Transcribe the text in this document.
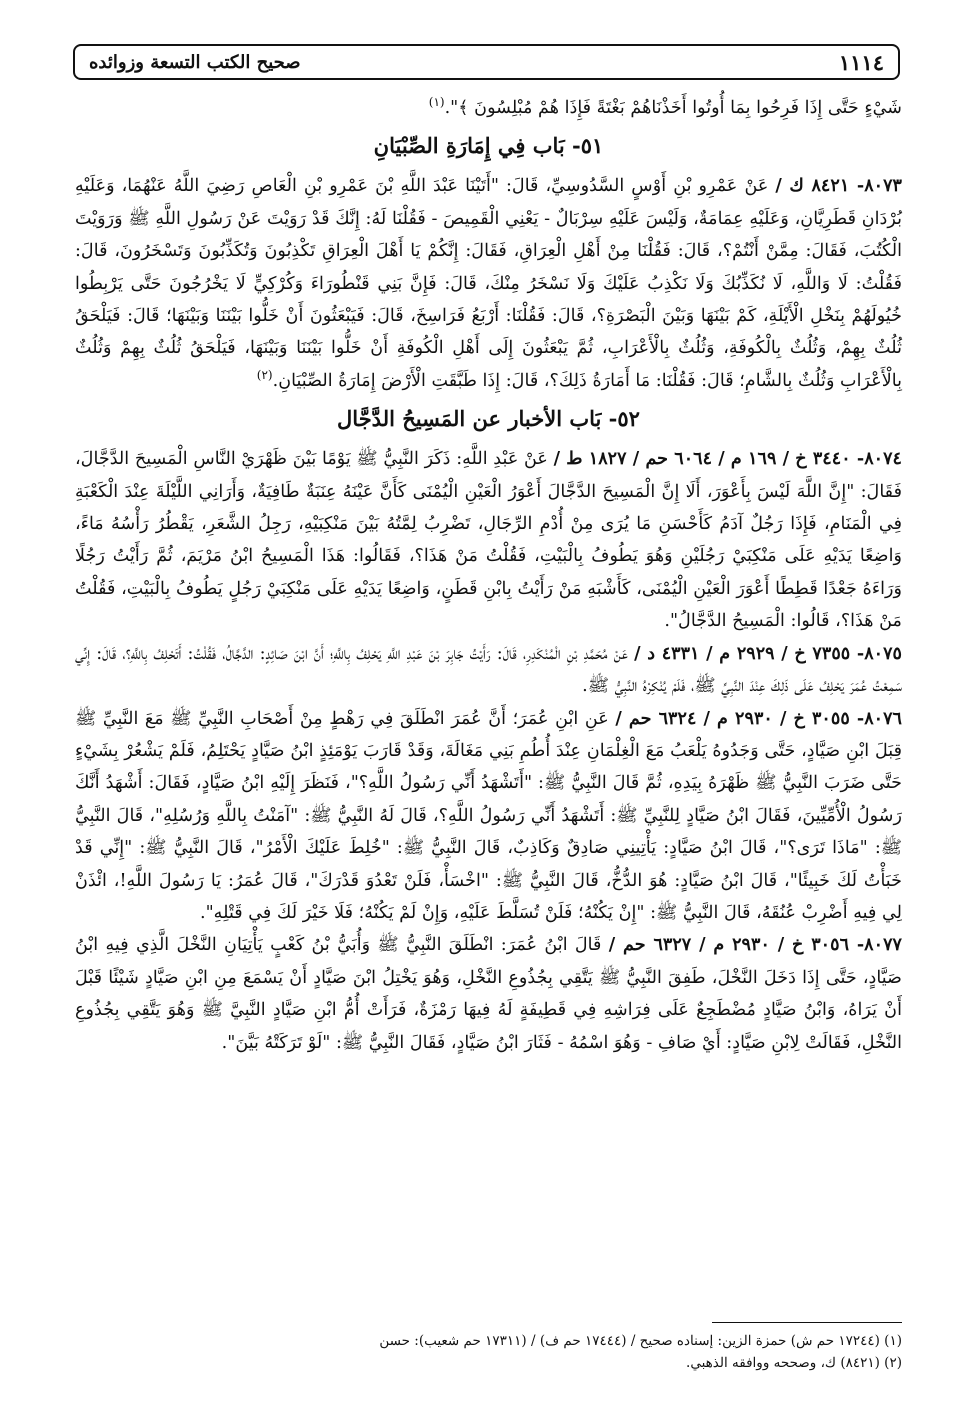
١١١٤
صحيح الكتب التسعة وزوائده

شَيْءٍ حَتَّى إِذَا فَرِحُوا بِمَا أُوتُوا أَخَذْنَاهُمْ بَغْتَةً فَإِذَا هُمْ مُبْلِسُونَ ﴾".$^{(١)}$

٥١- بَاب فِي إِمَارَةِ الصِّبْيَانِ

٨٠٧٣- ٨٤٢١ ك / عَنْ عَمْرِو بْنِ أَوْسٍ السَّدُوسِيِّ، قَالَ: "أَتَيْنَا عَبْدَ اللَّهِ بْنَ عَمْرِو بْنِ الْعَاصِ رَضِيَ اللَّهُ عَنْهُمَا، وَعَلَيْهِ بُرْدَانِ قَطَرِيَّانِ، وَعَلَيْهِ عِمَامَةٌ، وَلَيْسَ عَلَيْهِ سِرْبَالٌ - يَعْنِي الْقَمِيصَ - فَقُلْنَا لَهُ: إِنَّكَ قَدْ رَوَيْتَ عَنْ رَسُولِ اللَّهِ ﷺ وَرَوَيْتَ الْكُتُبَ، فَقَالَ: مِمَّنْ أَنْتُمْ؟، قَالَ: فَقُلْنَا مِنْ أَهْلِ الْعِرَاقِ، فَقَالَ: إِنَّكُمْ يَا أَهْلَ الْعِرَاقِ تَكْذِبُونَ وَتُكَذِّبُونَ وَتَسْخَرُونَ، قَالَ: فَقُلْتُ: لَا وَاللَّهِ، لَا نُكَذِّبُكَ وَلَا نَكْذِبُ عَلَيْكَ وَلَا نَسْخَرُ مِنْكَ، قَالَ: فَإِنَّ بَنِي قَنْطُورَاءَ وَكُرْكِيٍّ لَا يَخْرُجُونَ حَتَّى يَرْبِطُوا خُيُولَهُمْ بِنَخْلِ الْأَيْلَةِ، كَمْ بَيْنَهَا وَبَيْنَ الْبَصْرَةِ؟، قَالَ: فَقُلْنَا: أَرْبَعُ فَرَاسِخَ، قَالَ: فَيَبْعَثُونَ أَنْ خَلُّوا بَيْنَنَا وَبَيْنَهَا؛ قَالَ: فَيَلْحَقُ ثُلُثٌ بِهِمْ، وَثُلُثٌ بِالْكُوفَةِ، وَثُلُثٌ بِالْأَعْرَابِ، ثُمَّ يَبْعَثُونَ إِلَى أَهْلِ الْكُوفَةِ أَنْ خَلُّوا بَيْنَنَا وَبَيْنَهَا، فَيَلْحَقُ ثُلُثٌ بِهِمْ وَثُلُثٌ بِالْأَعْرَابِ وَثُلُثٌ بِالشَّامِ؛ قَالَ: فَقُلْنَا: مَا أَمَارَةُ ذَلِكَ؟، قَالَ: إِذَا طَبَّقَتِ الْأَرْضَ إِمَارَةُ الصِّبْيَانِ.$^{(٢)}$

٥٢- بَاب الأخبار عن المَسِيحُ الدَّجَّال

٨٠٧٤- ٣٤٤٠ خ / ١٦٩ م / ٦٠٦٤ حم / ١٨٢٧ ط / عَنْ عَبْدِ اللَّهِ: ذَكَرَ النَّبِيُّ ﷺ يَوْمًا بَيْنَ ظَهْرَيْ النَّاسِ الْمَسِيحَ الدَّجَّالَ، فَقَالَ: "إِنَّ اللَّهَ لَيْسَ بِأَعْوَرَ، أَلَا إِنَّ الْمَسِيحَ الدَّجَّالَ أَعْوَرُ الْعَيْنِ الْيُمْنَى كَأَنَّ عَيْنَهُ عِنَبَةٌ طَافِيَةٌ، وَأَرَانِي اللَّيْلَةَ عِنْدَ الْكَعْبَةِ فِي الْمَنَامِ، فَإِذَا رَجُلٌ آدَمُ كَأَحْسَنِ مَا يُرَى مِنْ أُدْمِ الرِّجَالِ، تَضْرِبُ لِمَّتُهُ بَيْنَ مَنْكِبَيْهِ، رَجِلُ الشَّعَرِ، يَقْطُرُ رَأْسُهُ مَاءً، وَاضِعًا يَدَيْهِ عَلَى مَنْكِبَيْ رَجُلَيْنِ وَهُوَ يَطُوفُ بِالْبَيْتِ، فَقُلْتُ مَنْ هَذَا؟، فَقَالُوا: هَذَا الْمَسِيحُ ابْنُ مَرْيَمَ، ثُمَّ رَأَيْتُ رَجُلًا وَرَاءَهُ جَعْدًا قَطِطًا أَعْوَرَ الْعَيْنِ الْيُمْنَى، كَأَشْبَهِ مَنْ رَأَيْتُ بِابْنِ قَطَنٍ، وَاضِعًا يَدَيْهِ عَلَى مَنْكِبَيْ رَجُلٍ يَطُوفُ بِالْبَيْتِ، فَقُلْتُ مَنْ هَذَا؟، قَالُوا: الْمَسِيحُ الدَّجَّالُ".

٨٠٧٥- ٧٣٥٥ خ / ٢٩٢٩ م / ٤٣٣١ د / عَنْ مُحَمَّدِ بْنِ الْمُنْكَدِرِ، قَالَ: رَأَيْتُ جَابِرَ بْنَ عَبْدِ اللَّهِ يَحْلِفُ بِاللَّهِ؛ أَنَّ ابْنَ صَائِدٍ: الدَّجَّالُ، فَقُلْتُ: أَتَحْلِفُ بِاللَّهِ؟، قَالَ: إِنِّي سَمِعْتُ عُمَرَ يَحْلِفُ عَلَى ذَلِكَ عِنْدَ النَّبِيِّ ﷺ، فَلَمْ يُنْكِرْهُ النَّبِيُّ ﷺ.

٨٠٧٦- ٣٠٥٥ خ / ٢٩٣٠ م / ٦٣٢٤ حم / عَنِ ابْنِ عُمَرَ؛ أَنَّ عُمَرَ انْطَلَقَ فِي رَهْطٍ مِنْ أَصْحَابِ النَّبِيِّ ﷺ مَعَ النَّبِيِّ ﷺ قِبَلَ ابْنِ صَيَّادٍ، حَتَّى وَجَدُوهُ يَلْعَبُ مَعَ الْغِلْمَانِ عِنْدَ أُطُمِ بَنِي مَغَالَةَ، وَقَدْ قَارَبَ يَوْمَئِذٍ ابْنُ صَيَّادٍ يَحْتَلِمُ، فَلَمْ يَشْعُرْ بِشَيْءٍ حَتَّى ضَرَبَ النَّبِيُّ ﷺ ظَهْرَهُ بِيَدِهِ، ثُمَّ قَالَ النَّبِيُّ ﷺ: "أَتَشْهَدُ أَنِّي رَسُولُ اللَّهِ؟"، فَنَظَرَ إِلَيْهِ ابْنُ صَيَّادٍ، فَقَالَ: أَشْهَدُ أَنَّكَ رَسُولُ الْأُمِّيِّينَ، فَقَالَ ابْنُ صَيَّادٍ لِلنَّبِيِّ ﷺ: أَتَشْهَدُ أَنِّي رَسُولُ اللَّهِ؟، قَالَ لَهُ النَّبِيُّ ﷺ: "آمَنْتُ بِاللَّهِ وَرُسُلِهِ"، قَالَ النَّبِيُّ ﷺ: "مَاذَا تَرَى؟"، قَالَ ابْنُ صَيَّادٍ: يَأْتِينِي صَادِقٌ وَكَاذِبٌ، قَالَ النَّبِيُّ ﷺ: "خُلِطَ عَلَيْكَ الْأَمْرُ"، قَالَ النَّبِيُّ ﷺ: "إِنِّي قَدْ خَبَأْتُ لَكَ خَبِيئًا"، قَالَ ابْنُ صَيَّادٍ: هُوَ الدُّخُّ، قَالَ النَّبِيُّ ﷺ: "اخْسَأْ، فَلَنْ تَعْدُوَ قَدْرَكَ"، قَالَ عُمَرُ: يَا رَسُولَ اللَّهِ!، ائْذَنْ لِي فِيهِ أَضْرِبْ عُنُقَهُ، قَالَ النَّبِيُّ ﷺ: "إِنْ يَكُنْهُ؛ فَلَنْ تُسَلَّطَ عَلَيْهِ، وَإِنْ لَمْ يَكُنْهُ؛ فَلَا خَيْرَ لَكَ فِي قَتْلِهِ".

٨٠٧٧- ٣٠٥٦ خ / ٢٩٣٠ م / ٦٣٢٧ حم / قَالَ ابْنُ عُمَرَ: انْطَلَقَ النَّبِيُّ ﷺ وَأُبَيُّ بْنُ كَعْبٍ يَأْتِيَانِ النَّخْلَ الَّذِي فِيهِ ابْنُ صَيَّادٍ، حَتَّى إِذَا دَخَلَ النَّخْلَ، طَفِقَ النَّبِيُّ ﷺ يَتَّقِي بِجُذُوعِ النَّخْلِ، وَهُوَ يَخْتِلُ ابْنَ صَيَّادٍ أَنْ يَسْمَعَ مِنِ ابْنِ صَيَّادٍ شَيْئًا قَبْلَ أَنْ يَرَاهُ، وَابْنُ صَيَّادٍ مُضْطَجِعٌ عَلَى فِرَاشِهِ فِي قَطِيفَةٍ لَهُ فِيهَا رَمْزَةٌ، فَرَأَتْ أُمُّ ابْنِ صَيَّادٍ النَّبِيَّ ﷺ وَهُوَ يَتَّقِي بِجُذُوعِ النَّخْلِ، فَقَالَتْ لِابْنِ صَيَّادٍ: أَيْ صَافِ - وَهُوَ اسْمُهُ - فَثَارَ ابْنُ صَيَّادٍ، فَقَالَ النَّبِيُّ ﷺ: "لَوْ تَرَكَتْهُ بَيَّنَ".

(١) (١٧٢٤٤ حم ش) حمزة الزين: إسناده صحيح / (١٧٤٤٤ حم ف) / (١٧٣١١ حم شعيب): حسن

(٢) (٨٤٢١) ك، وصححه ووافقه الذهبي.
